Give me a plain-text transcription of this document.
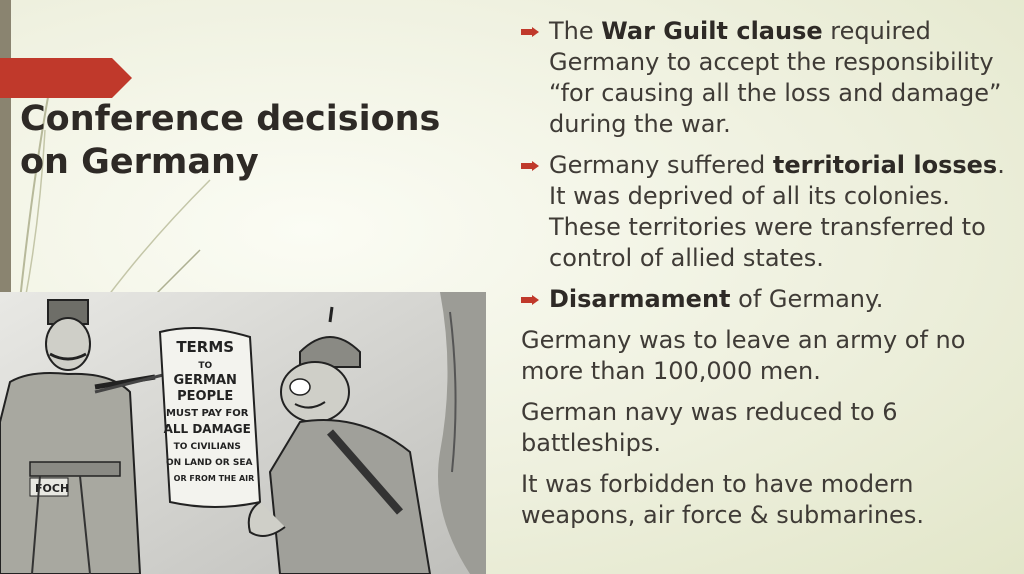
Conference decisions on Germany
FOCH
TERMS TO GERMAN PEOPLE MUST PAY FOR ALL DAMAGE TO CIVILIANS ON LAND OR SEA OR FROM THE AIR
The War Guilt clause required Germany to accept the responsibility “for causing all the loss and damage” during the war.
Germany suffered territorial losses. It was deprived of all its colonies. These territories were transferred to control of allied states.
Disarmament of Germany.
Germany was to leave an army of no more than 100,000 men.
German navy was reduced to 6 battleships.
It was forbidden to have modern weapons, air force & submarines.
